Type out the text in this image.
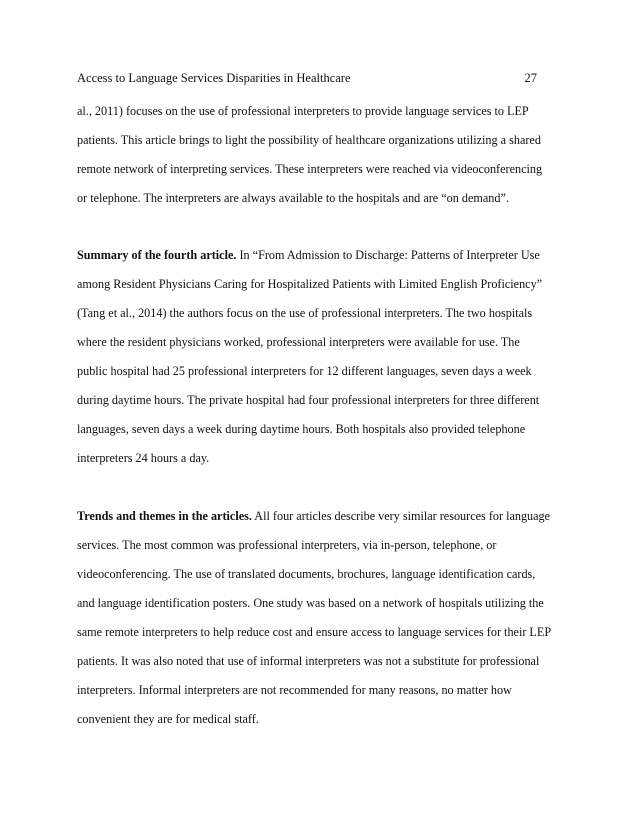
Access to Language Services Disparities in Healthcare	27
al., 2011) focuses on the use of professional interpreters to provide language services to LEP
patients. This article brings to light the possibility of healthcare organizations utilizing a shared
remote network of interpreting services. These interpreters were reached via videoconferencing
or telephone. The interpreters are always available to the hospitals and are “on demand”.
Summary of the fourth article. In “From Admission to Discharge: Patterns of Interpreter Use
among Resident Physicians Caring for Hospitalized Patients with Limited English Proficiency”
(Tang et al., 2014) the authors focus on the use of professional interpreters. The two hospitals
where the resident physicians worked, professional interpreters were available for use. The
public hospital had 25 professional interpreters for 12 different languages, seven days a week
during daytime hours. The private hospital had four professional interpreters for three different
languages, seven days a week during daytime hours. Both hospitals also provided telephone
interpreters 24 hours a day.
Trends and themes in the articles. All four articles describe very similar resources for language
services. The most common was professional interpreters, via in-person, telephone, or
videoconferencing. The use of translated documents, brochures, language identification cards,
and language identification posters. One study was based on a network of hospitals utilizing the
same remote interpreters to help reduce cost and ensure access to language services for their LEP
patients. It was also noted that use of informal interpreters was not a substitute for professional
interpreters. Informal interpreters are not recommended for many reasons, no matter how
convenient they are for medical staff.
